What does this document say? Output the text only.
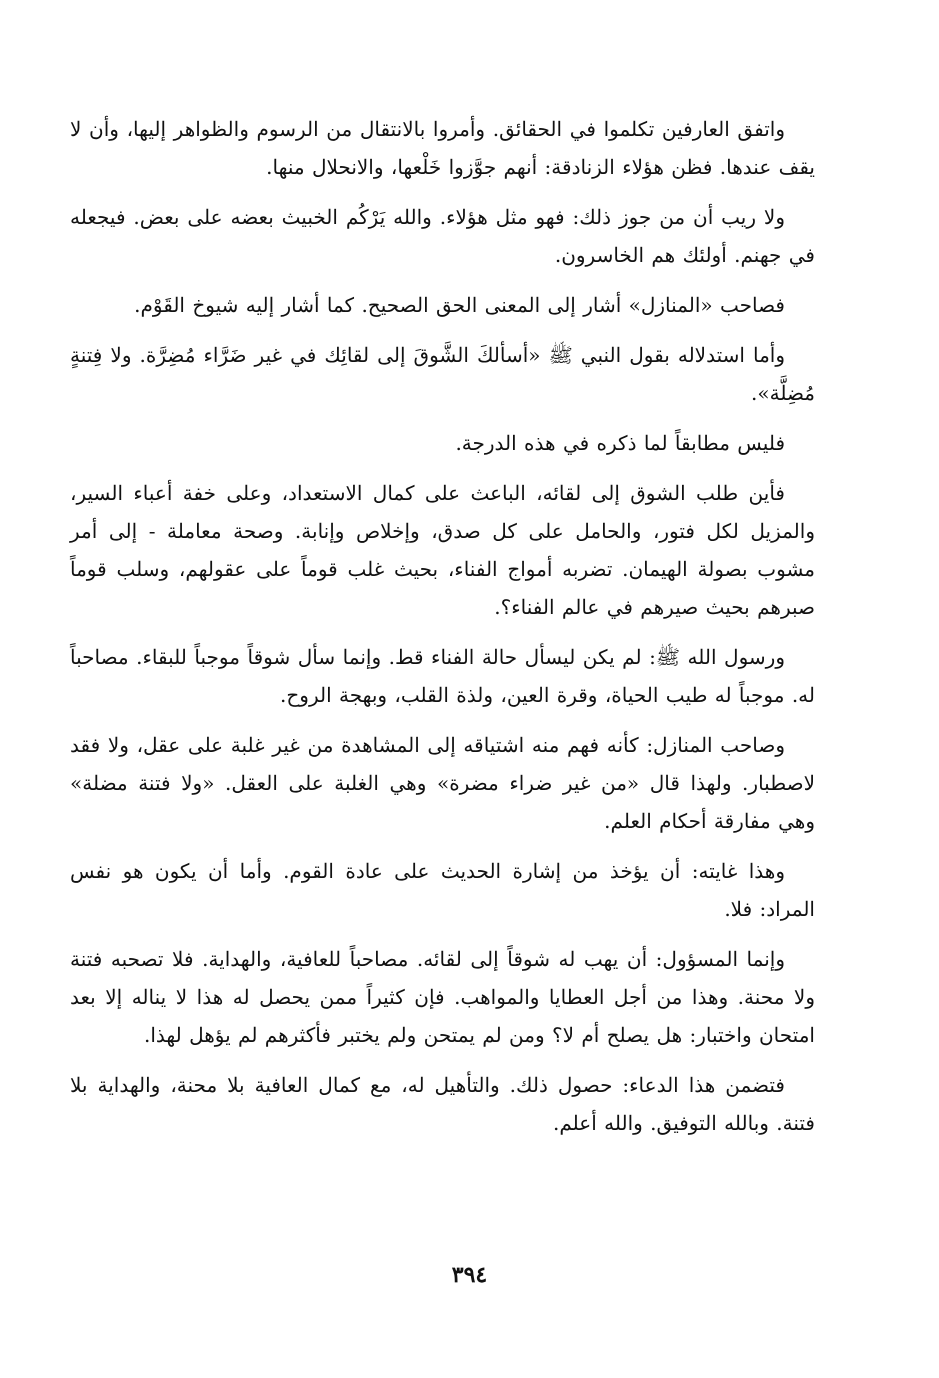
واتفق العارفين تكلموا في الحقائق. وأمروا بالانتقال من الرسوم والظواهر إليها، وأن لا يقف عندها. فظن هؤلاء الزنادقة: أنهم جوَّزوا خَلْعها، والانحلال منها.

ولا ريب أن من جوز ذلك: فهو مثل هؤلاء. والله يَرْكُم الخبيث بعضه على بعض. فيجعله في جهنم. أولئك هم الخاسرون.

فصاحب «المنازل» أشار إلى المعنى الحق الصحيح. كما أشار إليه شيوخ القَوْم.

وأما استدلاله بقول النبي ﷺ «أسألكَ الشَّوقَ إلى لقائِك في غير ضَرَّاء مُضِرَّة. ولا فِتنةٍ مُضِلَّة».

فليس مطابقاً لما ذكره في هذه الدرجة.

فأين طلب الشوق إلى لقائه، الباعث على كمال الاستعداد، وعلى خفة أعباء السير، والمزيل لكل فتور، والحامل على كل صدق، وإخلاص وإنابة. وصحة معاملة - إلى أمر مشوب بصولة الهيمان. تضربه أمواج الفناء، بحيث غلب قوماً على عقولهم، وسلب قوماً صبرهم بحيث صيرهم في عالم الفناء؟.

ورسول الله ﷺ: لم يكن ليسأل حالة الفناء قط. وإنما سأل شوقاً موجباً للبقاء. مصاحباً له. موجباً له طيب الحياة، وقرة العين، ولذة القلب، وبهجة الروح.

وصاحب المنازل: كأنه فهم منه اشتياقه إلى المشاهدة من غير غلبة على عقل، ولا فقد لاصطبار. ولهذا قال «من غير ضراء مضرة» وهي الغلبة على العقل. «ولا فتنة مضلة» وهي مفارقة أحكام العلم.

وهذا غايته: أن يؤخذ من إشارة الحديث على عادة القوم. وأما أن يكون هو نفس المراد: فلا.

وإنما المسؤول: أن يهب له شوقاً إلى لقائه. مصاحباً للعافية، والهداية. فلا تصحبه فتنة ولا محنة. وهذا من أجل العطايا والمواهب. فإن كثيراً ممن يحصل له هذا لا يناله إلا بعد امتحان واختبار: هل يصلح أم لا؟ ومن لم يمتحن ولم يختبر فأكثرهم لم يؤهل لهذا.

فتضمن هذا الدعاء: حصول ذلك. والتأهيل له، مع كمال العافية بلا محنة، والهداية بلا فتنة. وبالله التوفيق. والله أعلم.

٣٩٤
